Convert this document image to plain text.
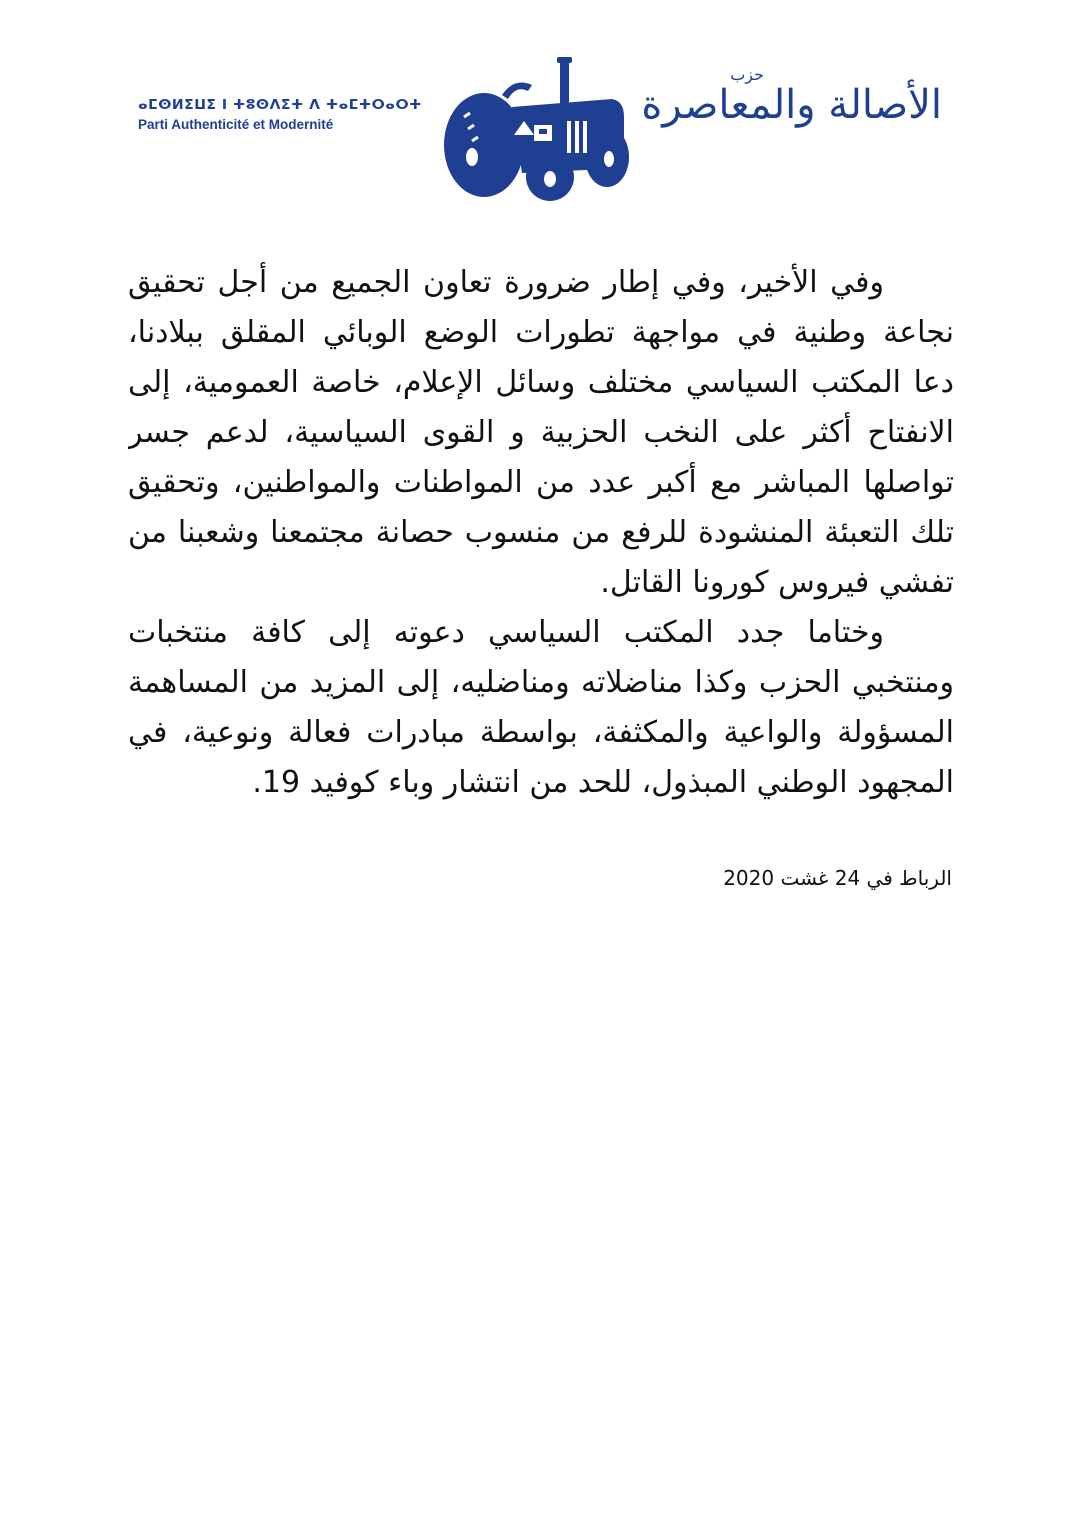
ⴰⵎⵙⵍⵉⵡⵉ ⵏ ⵜⵓⵙⴷⵉⵜ ⴷ ⵜⴰⵎⵜⵔⴰⵔⵜ
Parti Authenticité et Modernité
حزب
الأصالة والمعاصرة
وفي الأخير، وفي إطار ضرورة تعاون الجميع من أجل تحقيق
نجاعة وطنية في مواجهة تطورات الوضع الوبائي المقلق ببلادنا،
دعا المكتب السياسي مختلف وسائل الإعلام، خاصة العمومية، إلى
الانفتاح أكثر على النخب الحزبية و القوى السياسية، لدعم جسر
تواصلها المباشر مع أكبر عدد من المواطنات والمواطنين، وتحقيق
تلك التعبئة المنشودة للرفع من منسوب حصانة مجتمعنا وشعبنا من
تفشي فيروس كورونا القاتل.
وختاما جدد المكتب السياسي دعوته إلى كافة منتخبات
ومنتخبي الحزب وكذا مناضلاته ومناضليه، إلى المزيد من المساهمة
المسؤولة والواعية والمكثفة، بواسطة مبادرات فعالة ونوعية، في
المجهود الوطني المبذول، للحد من انتشار وباء كوفيد 19.
الرباط في 24 غشت 2020
